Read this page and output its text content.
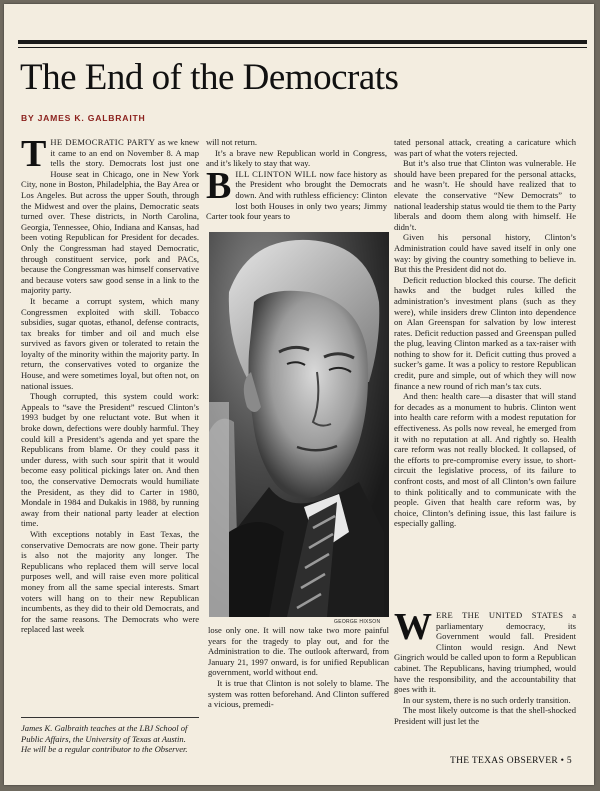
The End of the Democrats
BY JAMES K. GALBRAITH

THE DEMOCRATIC PARTY as we knew it came to an end on November 8. A map tells the story. Democrats lost just one House seat in Chicago, one in New York City, none in Boston, Philadelphia, the Bay Area or Los Angeles. But across the upper South, through the Midwest and over the plains, Democratic seats turned over. These districts, in North Carolina, Georgia, Tennessee, Ohio, Indiana and Kansas, had been voting Republican for President for decades. Only the Congressman had stayed Democratic, through constituent service, pork and PACs, because the Congressman was himself conservative and because voters saw good sense in a link to the majority party.

It became a corrupt system, which many Congressmen exploited with skill. Tobacco subsidies, sugar quotas, ethanol, defense contracts, tax breaks for timber and oil and much else survived as favors given or tolerated to retain the loyalty of the minority within the majority party. In return, the conservatives voted to organize the House, and were sometimes loyal, but often not, on national issues.

Though corrupted, this system could work: Appeals to “save the President” rescued Clinton’s 1993 budget by one reluctant vote. But when it broke down, defections were doubly harmful. They could kill a President’s agenda and yet spare the Republicans from blame. Or they could pass it under duress, with such sour spirit that it would become easy political pickings later on. And then too, the conservative Democrats would humiliate the President, as they did to Carter in 1980, Mondale in 1984 and Dukakis in 1988, by running away from their national party leader at election time.

With exceptions notably in East Texas, the conservative Democrats are now gone. Their party is also not the majority any longer. The Republicans who replaced them will serve local purposes well, and will raise even more political money from all the same special interests. Smart voters will hang on to their new Republican incumbents, as they did to their old Democrats, and for the same reasons. The Democrats who were replaced last week

James K. Galbraith teaches at the LBJ School of Public Affairs, the University of Texas at Austin. He will be a regular contributor to the Observer.

will not return.

It’s a brave new Republican world in Congress, and it’s likely to stay that way.

BILL CLINTON WILL now face history as the President who brought the Democrats down. And with ruthless efficiency: Clinton lost both Houses in only two years; Jimmy Carter took four years to

GEORGE HIXSON

lose only one. It will now take two more painful years for the tragedy to play out, and for the Administration to die. The outlook afterward, from January 21, 1997 onward, is for unified Republican government, world without end.

It is true that Clinton is not solely to blame. The system was rotten beforehand. And Clinton suffered a vicious, premedi-

tated personal attack, creating a caricature which was part of what the voters rejected.

But it’s also true that Clinton was vulnerable. He should have been prepared for the personal attacks, and he wasn’t. He should have realized that to elevate the conservative “New Democrats” to national leadership status would tie them to the Party liberals and doom them along with himself. He didn’t.

Given his personal history, Clinton’s Administration could have saved itself in only one way: by giving the country something to believe in. But this the President did not do.

Deficit reduction blocked this course. The deficit hawks and the budget rules killed the administration’s investment plans (such as they were), while insiders drew Clinton into dependence on Alan Greenspan for salvation by low interest rates. Deficit reduction passed and Greenspan pulled the plug, leaving Clinton marked as a tax-raiser with nothing to show for it. Deficit cutting thus proved a sucker’s game. It was a policy to restore Republican credit, pure and simple, out of which they will now finance a new round of rich man’s tax cuts.

And then: health care—a disaster that will stand for decades as a monument to hubris. Clinton went into health care reform with a modest reputation for effectiveness. As polls now reveal, he emerged from it with no reputation at all. And rightly so. Health care reform was not really blocked. It collapsed, of the efforts to pre-compromise every issue, to short-circuit the legislative process, of its failure to confront costs, and most of all Clinton’s own failure to think politically and to communicate with the people. Given that health care reform was, by choice, Clinton’s defining issue, this last failure is especially galling.

WERE THE UNITED STATES a parliamentary democracy, its Government would fall. President Clinton would resign. And Newt Gingrich would be called upon to form a Republican cabinet. The Republicans, having triumphed, would have the responsibility, and the accountability that goes with it.

In our system, there is no such orderly transition.

The most likely outcome is that the shell-shocked President will just let the

THE TEXAS OBSERVER • 5
